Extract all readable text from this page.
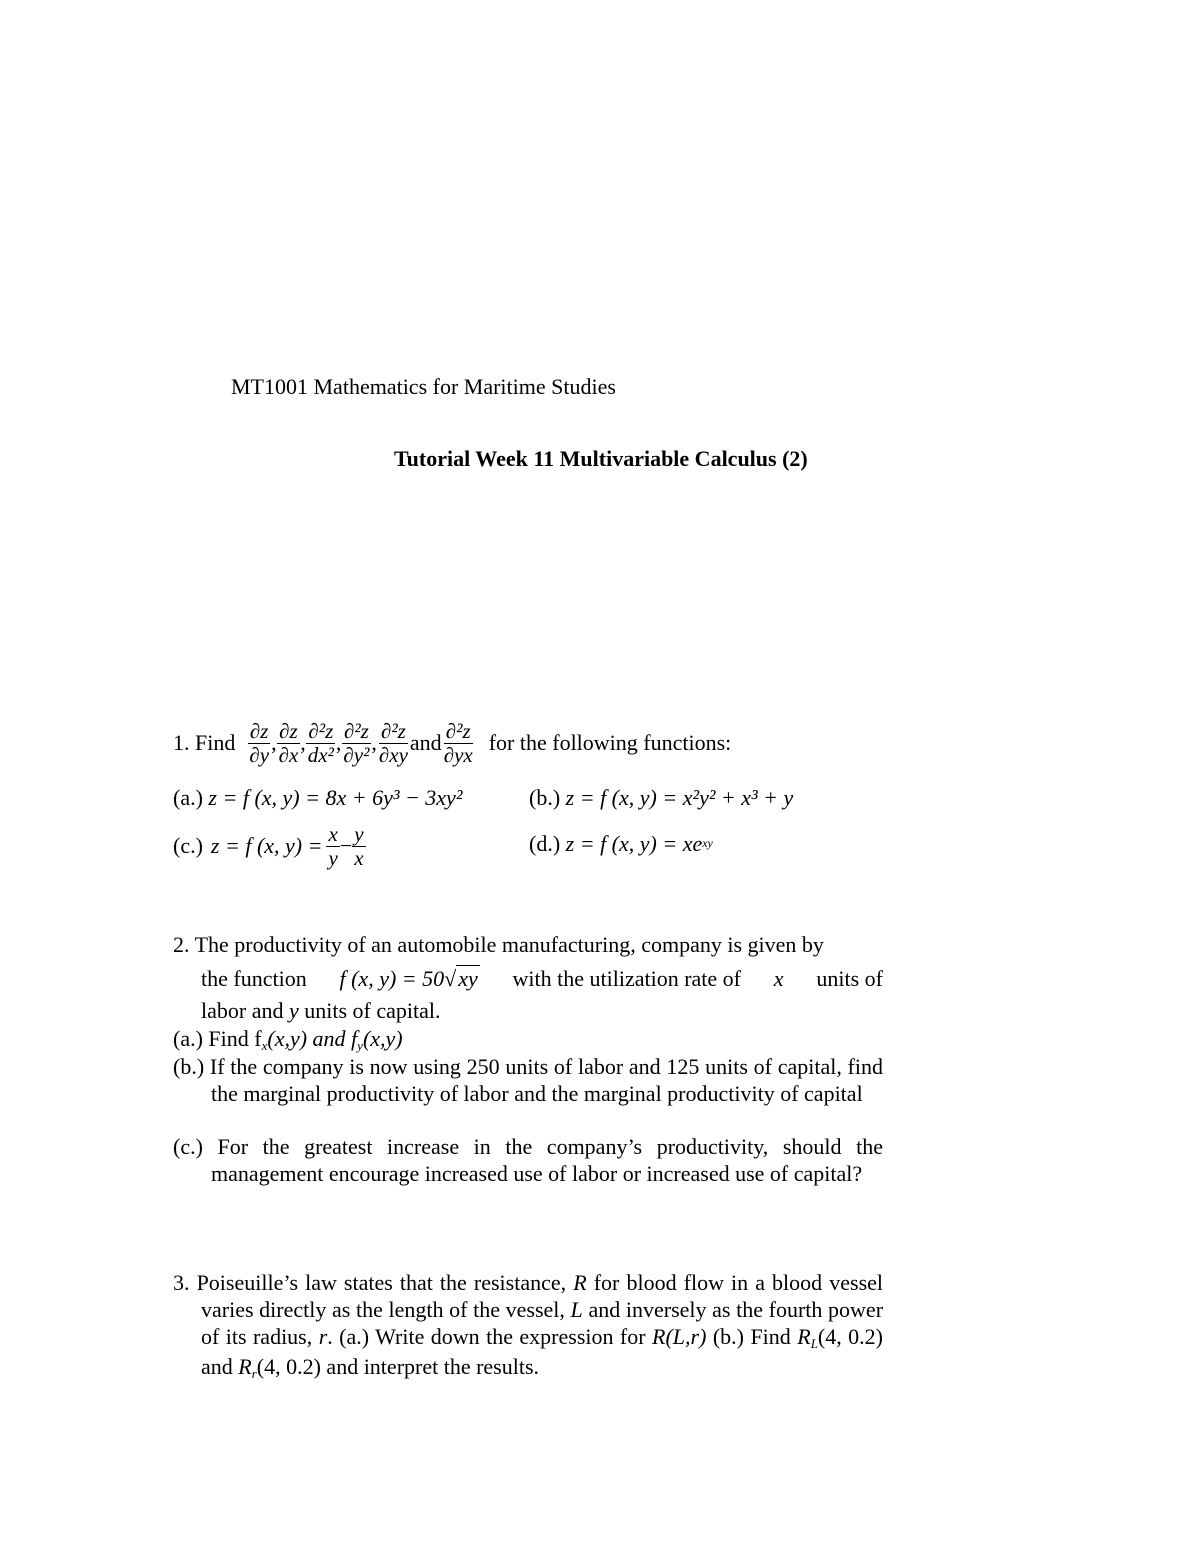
MT1001 Mathematics for Maritime Studies
Tutorial Week 11 Multivariable Calculus (2)
1. Find $\frac{\partial z}{\partial y}$ , $\frac{\partial z}{\partial x}$ , $\frac{\text{∂²z}}{\text{dx²}}$ , $\frac{\text{∂²z}}{\text{∂y²}}$ , $\frac{\text{∂²z}}{\partial xy}$ and $\frac{\text{∂²z}}{\partial yx}$ for the following functions:
(a.) z = f (x, y) = 8x + 6y³ − 3xy²	(b.) z = f (x, y) = x²y² + x³ + y
(c.) z = f (x, $y) = \frac{x}{y} - \frac{y}{x}$	(d.) z = f (x, $y) = xe^{xy}$
2. The productivity of an automobile manufacturing, company is given by
the function f (x, y) = 50√xy with the utilization rate of x units of
labor and y units of capital.
(a.) Find $f_x(x,y)$ and $f_y(x,y)$
(b.) If the company is now using 250 units of labor and 125 units of capital, find the marginal productivity of labor and the marginal productivity of capital
(c.) For the greatest increase in the company’s productivity, should the management encourage increased use of labor or increased use of capital?
3. Poiseuille’s law states that the resistance, R for blood flow in a blood vessel varies directly as the length of the vessel, L and inversely as the fourth power of its radius, r. (a.) Write down the expression for R(L,r) (b.) Find $R_L(4$, 0.2) and $R_r(4$, 0.2) and interpret the results.
